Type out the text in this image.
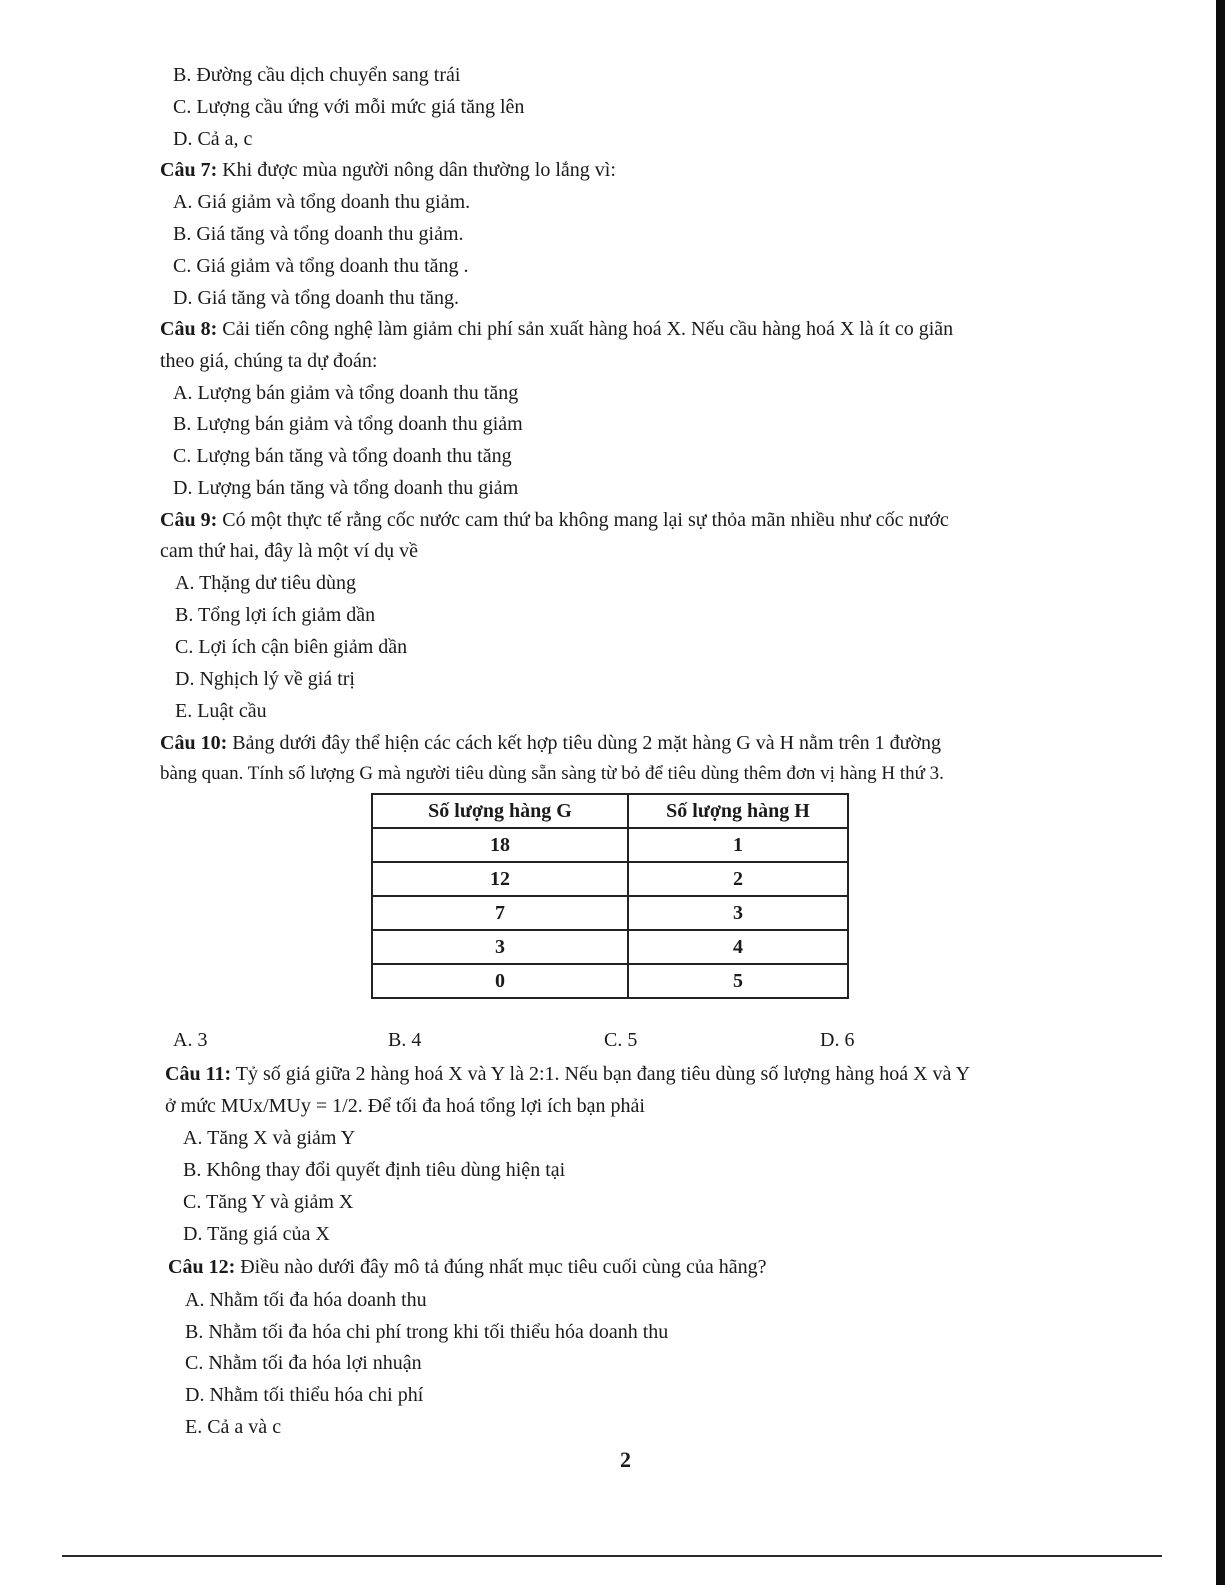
B. Đường cầu dịch chuyển sang trái
C. Lượng cầu ứng với mỗi mức giá tăng lên
D. Cả a, c
Câu 7: Khi được mùa người nông dân thường lo lắng vì:
A. Giá giảm và tổng doanh thu giảm.
B. Giá tăng và tổng doanh thu giảm.
C. Giá giảm và tổng doanh thu tăng .
D. Giá tăng và tổng doanh thu tăng.
Câu 8: Cải tiến công nghệ làm giảm chi phí sản xuất hàng hoá X. Nếu cầu hàng hoá X là ít co giãn
theo giá, chúng ta dự đoán:
A. Lượng bán giảm và tổng doanh thu tăng
B. Lượng bán giảm và tổng doanh thu giảm
C. Lượng bán tăng và tổng doanh thu tăng
D. Lượng bán tăng và tổng doanh thu giảm
Câu 9: Có một thực tế rằng cốc nước cam thứ ba không mang lại sự thỏa mãn nhiều như cốc nước
cam thứ hai, đây là một ví dụ về
A. Thặng dư tiêu dùng
B. Tổng lợi ích giảm dần
C. Lợi ích cận biên giảm dần
D. Nghịch lý về giá trị
E. Luật cầu
Câu 10: Bảng dưới đây thể hiện các cách kết hợp tiêu dùng 2 mặt hàng G và H nằm trên 1 đường
bàng quan. Tính số lượng G mà người tiêu dùng sẵn sàng từ bỏ để tiêu dùng thêm đơn vị hàng H thứ 3.
Số lượng hàng G	Số lượng hàng H
18	1
12	2
7	3
3	4
0	5
A. 3	B. 4	C. 5	D. 6
Câu 11: Tỷ số giá giữa 2 hàng hoá X và Y là 2:1. Nếu bạn đang tiêu dùng số lượng hàng hoá X và Y
ở mức MUx/MUy = 1/2. Để tối đa hoá tổng lợi ích bạn phải
A. Tăng X và giảm Y
B. Không thay đổi quyết định tiêu dùng hiện tại
C. Tăng Y và giảm X
D. Tăng giá của X
Câu 12: Điều nào dưới đây mô tả đúng nhất mục tiêu cuối cùng của hãng?
A. Nhằm tối đa hóa doanh thu
B. Nhằm tối đa hóa chi phí trong khi tối thiểu hóa doanh thu
C. Nhằm tối đa hóa lợi nhuận
D. Nhằm tối thiểu hóa chi phí
E. Cả a và c
2
